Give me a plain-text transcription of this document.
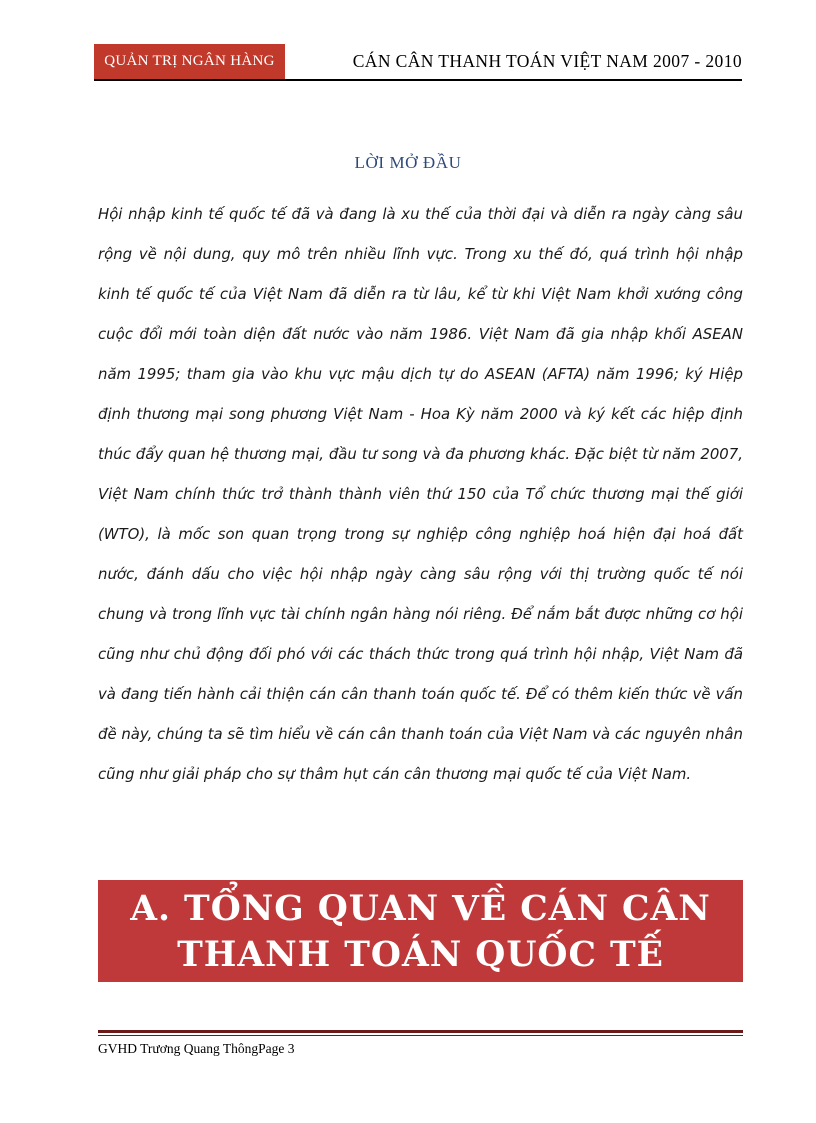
QUẢN TRỊ NGÂN HÀNG	CÁN CÂN THANH TOÁN VIỆT NAM 2007 - 2010
LỜI MỞ ĐẦU
Hội nhập kinh tế quốc tế đã và đang là xu thế của thời đại và diễn ra ngày càng sâu rộng về nội dung, quy mô trên nhiều lĩnh vực. Trong xu thế đó, quá trình hội nhập kinh tế quốc tế của Việt Nam đã diễn ra từ lâu, kể từ khi Việt Nam khởi xướng công cuộc đổi mới toàn diện đất nước vào năm 1986. Việt Nam đã gia nhập khối ASEAN năm 1995; tham gia vào khu vực mậu dịch tự do ASEAN (AFTA) năm 1996; ký Hiệp định thương mại song phương Việt Nam - Hoa Kỳ năm 2000 và ký kết các hiệp định thúc đẩy quan hệ thương mại, đầu tư song và đa phương khác. Đặc biệt từ năm 2007, Việt Nam chính thức trở thành thành viên thứ 150 của Tổ chức thương mại thế giới (WTO), là mốc son quan trọng trong sự nghiệp công nghiệp hoá hiện đại hoá đất nước, đánh dấu cho việc hội nhập ngày càng sâu rộng với thị trường quốc tế nói chung và trong lĩnh vực tài chính ngân hàng nói riêng. Để nắm bắt được những cơ hội cũng như chủ động đối phó với các thách thức trong quá trình hội nhập, Việt Nam đã và đang tiến hành cải thiện cán cân thanh toán quốc tế. Để có thêm kiến thức về vấn đề này, chúng ta sẽ tìm hiểu về cán cân thanh toán của Việt Nam và các nguyên nhân cũng như giải pháp cho sự thâm hụt cán cân thương mại quốc tế của Việt Nam.
A. TỔNG QUAN VỀ CÁN CÂN
THANH TOÁN QUỐC TẾ
GVHD Trương Quang ThôngPage 3
